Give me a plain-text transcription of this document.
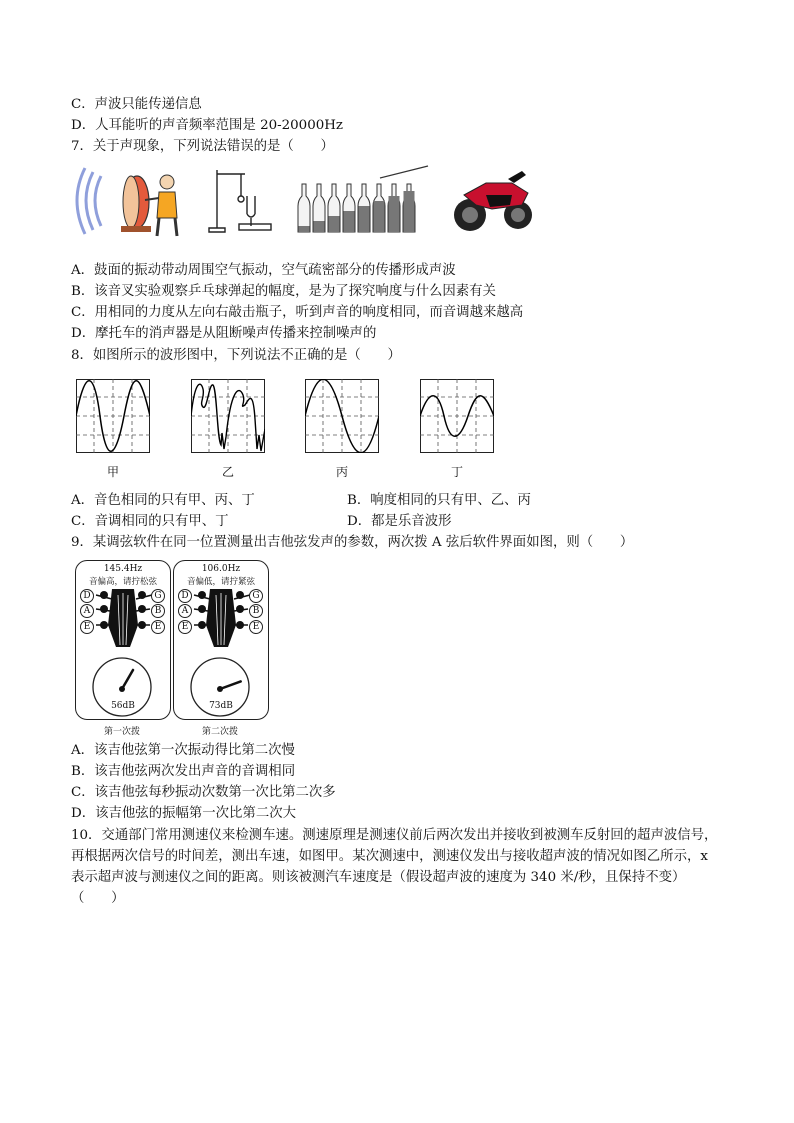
C．声波只能传递信息
D．人耳能听的声音频率范围是 20-20000Hz
7．关于声现象，下列说法错误的是（　　）
A．鼓面的振动带动周围空气振动，空气疏密部分的传播形成声波
B．该音叉实验观察乒乓球弹起的幅度，是为了探究响度与什么因素有关
C．用相同的力度从左向右敲击瓶子，听到声音的响度相同，而音调越来越高
D．摩托车的消声器是从阻断噪声传播来控制噪声的
8．如图所示的波形图中，下列说法不正确的是（　　）
甲	乙	丙	丁
A．音色相同的只有甲、丙、丁	B．响度相同的只有甲、乙、丙
C．音调相同的只有甲、丁	D．都是乐音波形
9．某调弦软件在同一位置测量出吉他弦发声的参数，两次拨 A 弦后软件界面如图，则（　　）
145.4Hz
音偏高，请拧松弦
D
A
E
G
B
E
56dB
第一次拨
106.0Hz
音偏低，请拧紧弦
D
A
E
G
B
E
73dB
第二次拨
A．该吉他弦第一次振动得比第二次慢
B．该吉他弦两次发出声音的音调相同
C．该吉他弦每秒振动次数第一次比第二次多
D．该吉他弦的振幅第一次比第二次大
10．交通部门常用测速仪来检测车速。测速原理是测速仪前后两次发出并接收到被测车反射回的超声波信号，再根据两次信号的时间差，测出车速，如图甲。某次测速中，测速仪发出与接收超声波的情况如图乙所示，x 表示超声波与测速仪之间的距离。则该被测汽车速度是（假设超声波的速度为 340 米/秒，且保持不变）（　　）
